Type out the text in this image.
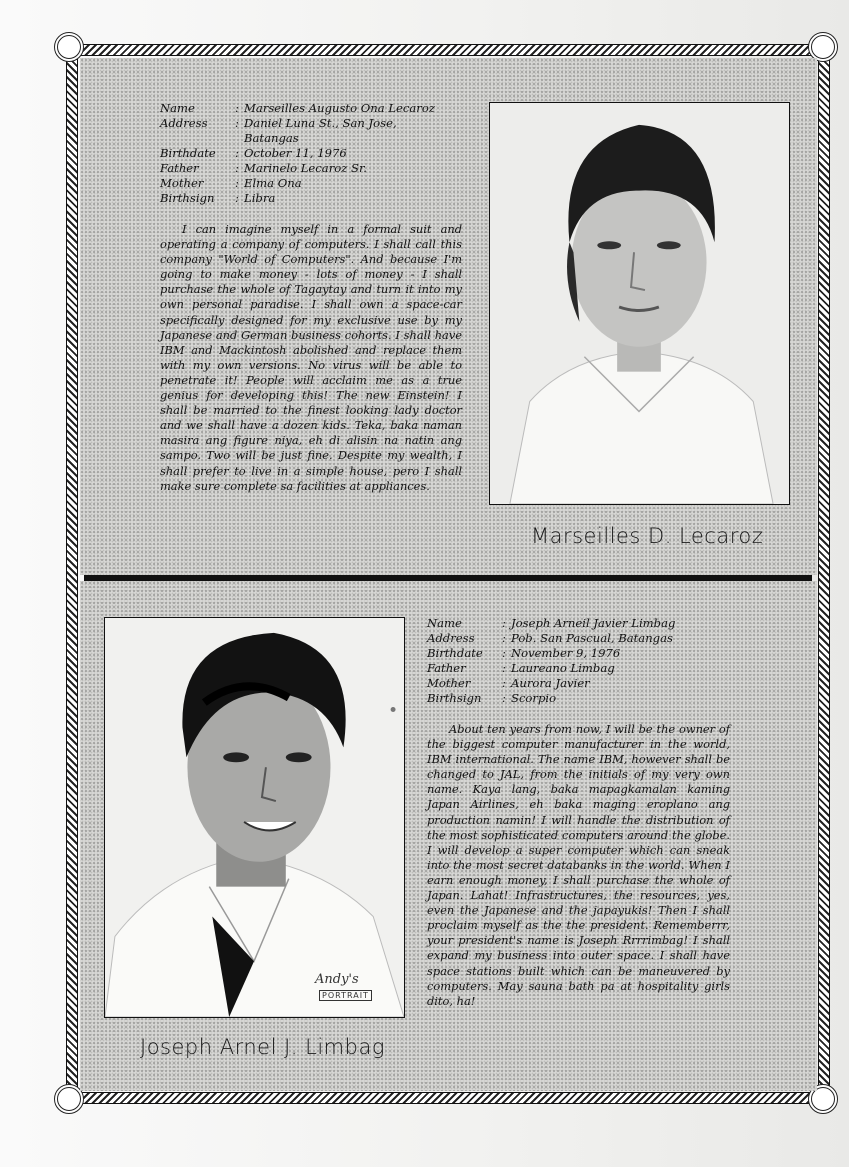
Name	: Marseilles Augusto Ona Lecaroz
Address	: Daniel Luna St., San Jose,
Batangas
Birthdate	: October 11, 1976
Father	: Marinelo Lecaroz Sr.
Mother	: Elma Ona
Birthsign	: Libra

I can imagine myself in a formal suit and operating a company of computers. I shall call this company "World of Computers". And because I'm going to make money - lots of money - I shall purchase the whole of Tagaytay and turn it into my own personal paradise. I shall own a space-car specifically designed for my exclusive use by my Japanese and German business cohorts. I shall have IBM and Mackintosh abolished and replace them with my own versions. No virus will be able to penetrate it! People will acclaim me as a true genius for developing this! The new Einstein! I shall be married to the finest looking lady doctor and we shall have a dozen kids. Teka, baka naman masira ang figure niya, eh di alisin na natin ang sampo. Two will be just fine. Despite my wealth, I shall prefer to live in a simple house, pero I shall make sure complete sa facilities at appliances.

Marseilles D. Lecaroz
Andy's
PORTRAIT
Name	: Joseph Arneil Javier Limbag
Address	: Pob. San Pascual, Batangas
Birthdate	: November 9, 1976
Father	: Laureano Limbag
Mother	: Aurora Javier
Birthsign	: Scorpio

About ten years from now, I will be the owner of the biggest computer manufacturer in the world, IBM international. The name IBM, however shall be changed to JAL, from the initials of my very own name. Kaya lang, baka mapagkamalan kaming Japan Airlines, eh baka maging eroplano ang production namin! I will handle the distribution of the most sophisticated computers around the globe. I will develop a super computer which can sneak into the most secret databanks in the world. When I earn enough money, I shall purchase the whole of Japan. Lahat! Infrastructures, the resources, yes, even the Japanese and the japayukis! Then I shall proclaim myself as the the president. Rememberrr, your president's name is Joseph Rrrrimbag! I shall expand my business into outer space. I shall have space stations built which can be maneuvered by computers. May sauna bath pa at hospitality girls dito, ha!

Joseph Arnel J. Limbag
